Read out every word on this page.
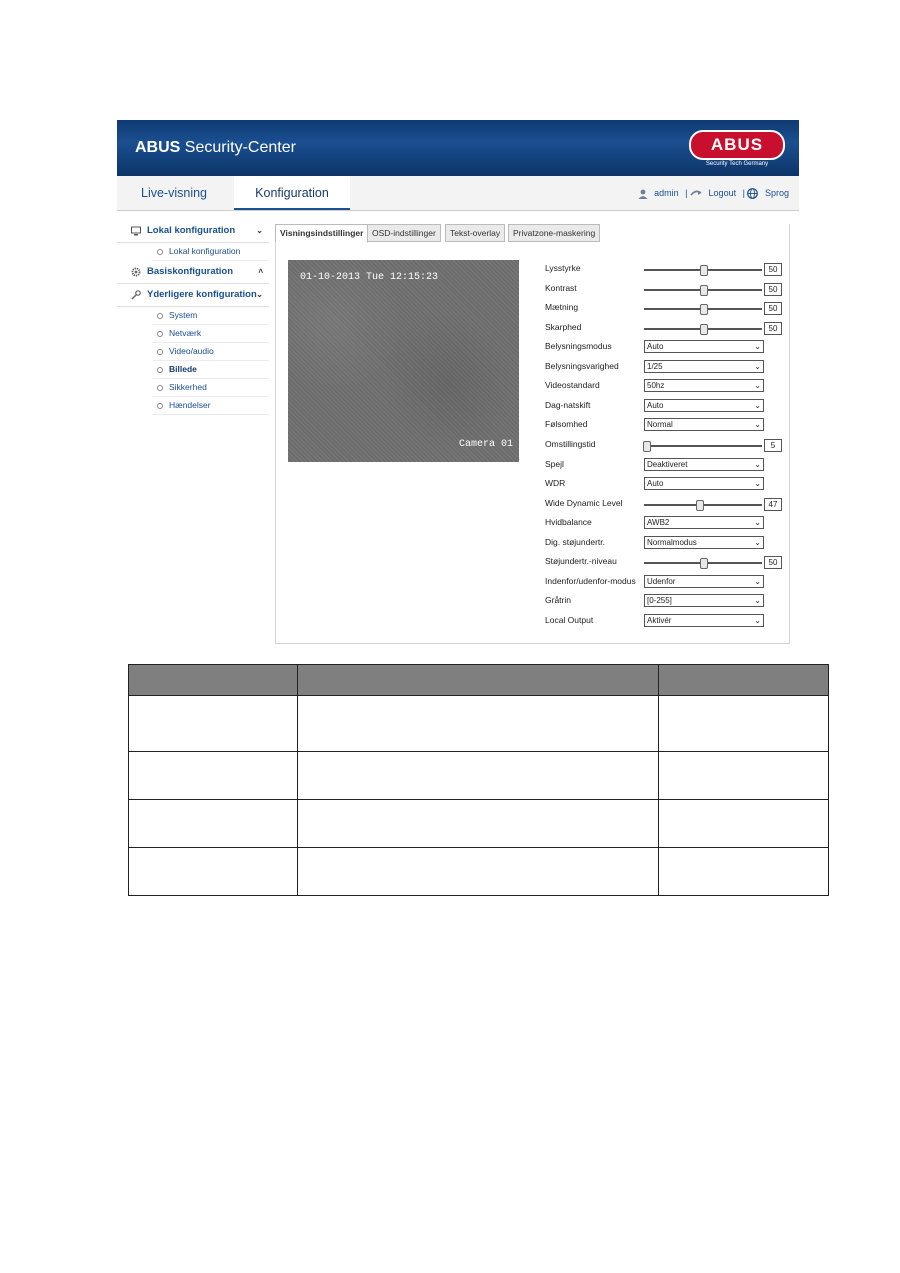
ABUS Security-Center	ABUS
Security Tech Germany
Live-visning	Konfiguration	admin | Logout | Sprog
Lokal konfiguration	⌄
Lokal konfiguration
Basiskonfiguration	˄
Yderligere konfiguration ⌄
System
Netværk
Video/audio
Billede
Sikkerhed
Hændelser
Visningsindstillinger	OSD-indstillinger	Tekst-overlay	Privatzone-maskering
01-10-2013 Tue 12:15:23
Camera 01
Lysstyrke	50
Kontrast	50
Mætning	50
Skarphed	50
Belysningsmodus	Auto	⌄
Belysningsvarighed	1/25	⌄
Videostandard	50hz	⌄
Dag-natskift	Auto	⌄
Følsomhed	Normal	⌄
Omstillingstid	5
Spejl	Deaktiveret	⌄
WDR	Auto	⌄
Wide Dynamic Level	47
Hvidbalance	AWB2	⌄
Dig. støjundertr.	Normalmodus	⌄
Støjundertr.-niveau	50
Indenfor/udenfor-modus	Udenfor	⌄
Gråtrin	[0-255]	⌄
Local Output	Aktivér	⌄
